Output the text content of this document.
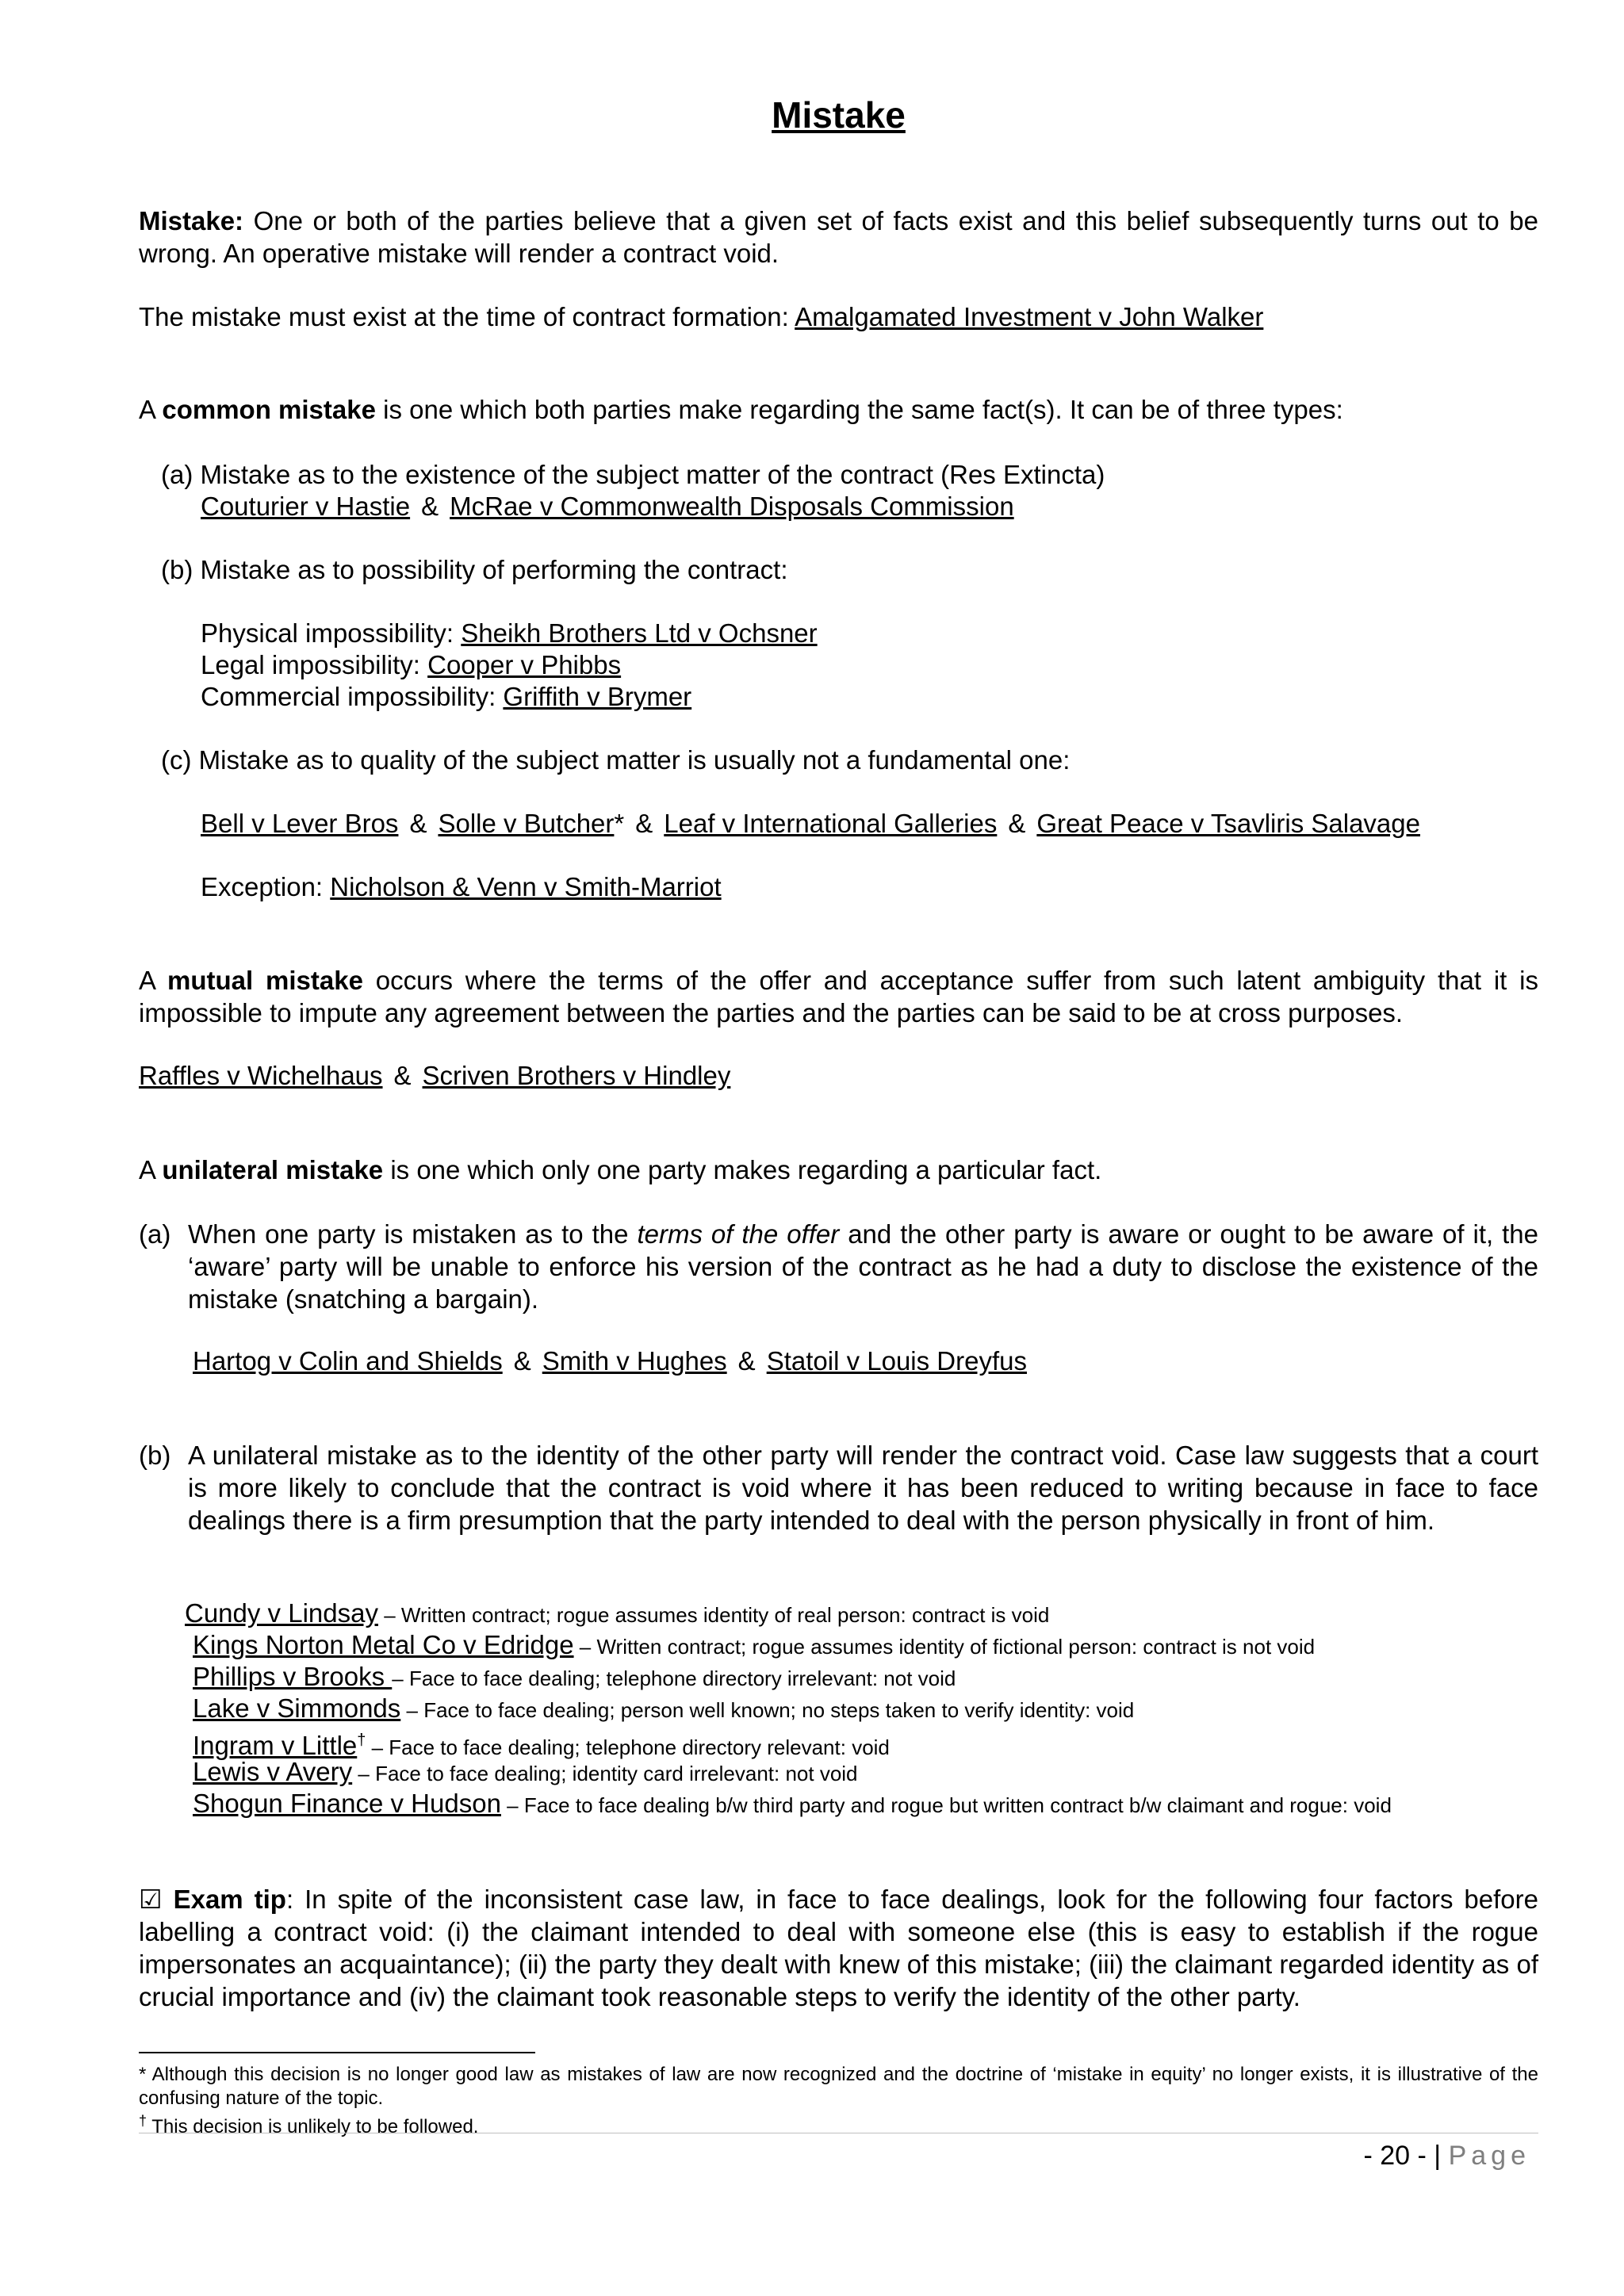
Mistake
Mistake: One or both of the parties believe that a given set of facts exist and this belief subsequently turns out to be wrong. An operative mistake will render a contract void.
The mistake must exist at the time of contract formation: Amalgamated Investment v John Walker
A common mistake is one which both parties make regarding the same fact(s). It can be of three types:
(a) Mistake as to the existence of the subject matter of the contract (Res Extincta)
Couturier v Hastie & McRae v Commonwealth Disposals Commission
(b) Mistake as to possibility of performing the contract:
Physical impossibility: Sheikh Brothers Ltd v Ochsner
Legal impossibility: Cooper v Phibbs
Commercial impossibility: Griffith v Brymer
(c) Mistake as to quality of the subject matter is usually not a fundamental one:
Bell v Lever Bros & Solle v Butcher* & Leaf v International Galleries & Great Peace v Tsavliris Salavage
Exception: Nicholson & Venn v Smith-Marriot
A mutual mistake occurs where the terms of the offer and acceptance suffer from such latent ambiguity that it is impossible to impute any agreement between the parties and the parties can be said to be at cross purposes.
Raffles v Wichelhaus & Scriven Brothers v Hindley
A unilateral mistake is one which only one party makes regarding a particular fact.
(a) When one party is mistaken as to the terms of the offer and the other party is aware or ought to be aware of it, the ‘aware’ party will be unable to enforce his version of the contract as he had a duty to disclose the existence of the mistake (snatching a bargain).
Hartog v Colin and Shields & Smith v Hughes & Statoil v Louis Dreyfus
(b) A unilateral mistake as to the identity of the other party will render the contract void. Case law suggests that a court is more likely to conclude that the contract is void where it has been reduced to writing because in face to face dealings there is a firm presumption that the party intended to deal with the person physically in front of him.
Cundy v Lindsay – Written contract; rogue assumes identity of real person: contract is void
Kings Norton Metal Co v Edridge – Written contract; rogue assumes identity of fictional person: contract is not void
Phillips v Brooks – Face to face dealing; telephone directory irrelevant: not void
Lake v Simmonds – Face to face dealing; person well known; no steps taken to verify identity: void
Ingram v Little† – Face to face dealing; telephone directory relevant: void
Lewis v Avery – Face to face dealing; identity card irrelevant: not void
Shogun Finance v Hudson – Face to face dealing b/w third party and rogue but written contract b/w claimant and rogue: void
☑ Exam tip: In spite of the inconsistent case law, in face to face dealings, look for the following four factors before labelling a contract void: (i) the claimant intended to deal with someone else (this is easy to establish if the rogue impersonates an acquaintance); (ii) the party they dealt with knew of this mistake; (iii) the claimant regarded identity as of crucial importance and (iv) the claimant took reasonable steps to verify the identity of the other party.
* Although this decision is no longer good law as mistakes of law are now recognized and the doctrine of ‘mistake in equity’ no longer exists, it is illustrative of the confusing nature of the topic.
† This decision is unlikely to be followed.
- 20 - | Page
